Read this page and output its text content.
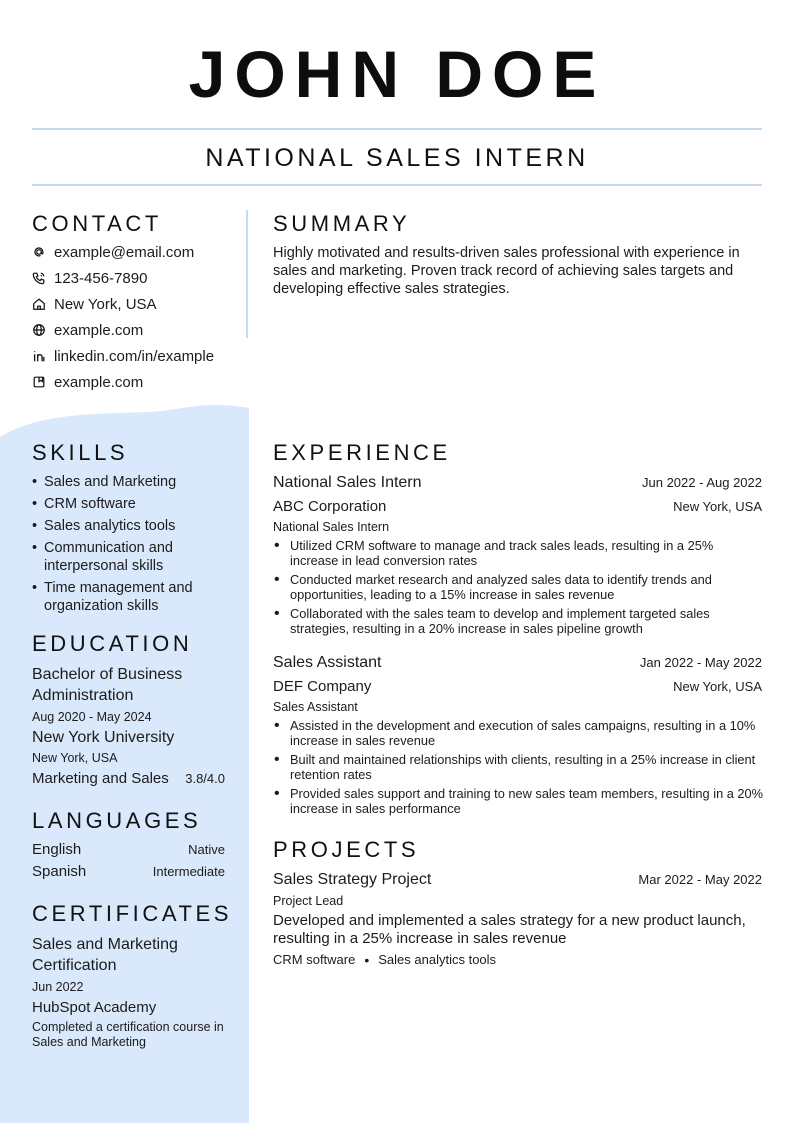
JOHN DOE
NATIONAL SALES INTERN
CONTACT
example@email.com
123-456-7890
New York, USA
example.com
linkedin.com/in/example
example.com
SKILLS
• Sales and Marketing
• CRM software
• Sales analytics tools
• Communication and interpersonal skills
• Time management and organization skills
EDUCATION
Bachelor of Business Administration
Aug 2020 - May 2024
New York University
New York, USA
Marketing and Sales	3.8/4.0
LANGUAGES
English	Native
Spanish	Intermediate
CERTIFICATES
Sales and Marketing Certification
Jun 2022
HubSpot Academy
Completed a certification course in Sales and Marketing
SUMMARY
Highly motivated and results-driven sales professional with experience in sales and marketing. Proven track record of achieving sales targets and developing effective sales strategies.
EXPERIENCE
National Sales Intern	Jun 2022 - Aug 2022
ABC Corporation	New York, USA
National Sales Intern
• Utilized CRM software to manage and track sales leads, resulting in a 25% increase in lead conversion rates
• Conducted market research and analyzed sales data to identify trends and opportunities, leading to a 15% increase in sales revenue
• Collaborated with the sales team to develop and implement targeted sales strategies, resulting in a 20% increase in sales pipeline growth
Sales Assistant	Jan 2022 - May 2022
DEF Company	New York, USA
Sales Assistant
• Assisted in the development and execution of sales campaigns, resulting in a 10% increase in sales revenue
• Built and maintained relationships with clients, resulting in a 25% increase in client retention rates
• Provided sales support and training to new sales team members, resulting in a 20% increase in sales performance
PROJECTS
Sales Strategy Project	Mar 2022 - May 2022
Project Lead
Developed and implemented a sales strategy for a new product launch, resulting in a 25% increase in sales revenue
CRM software • Sales analytics tools
